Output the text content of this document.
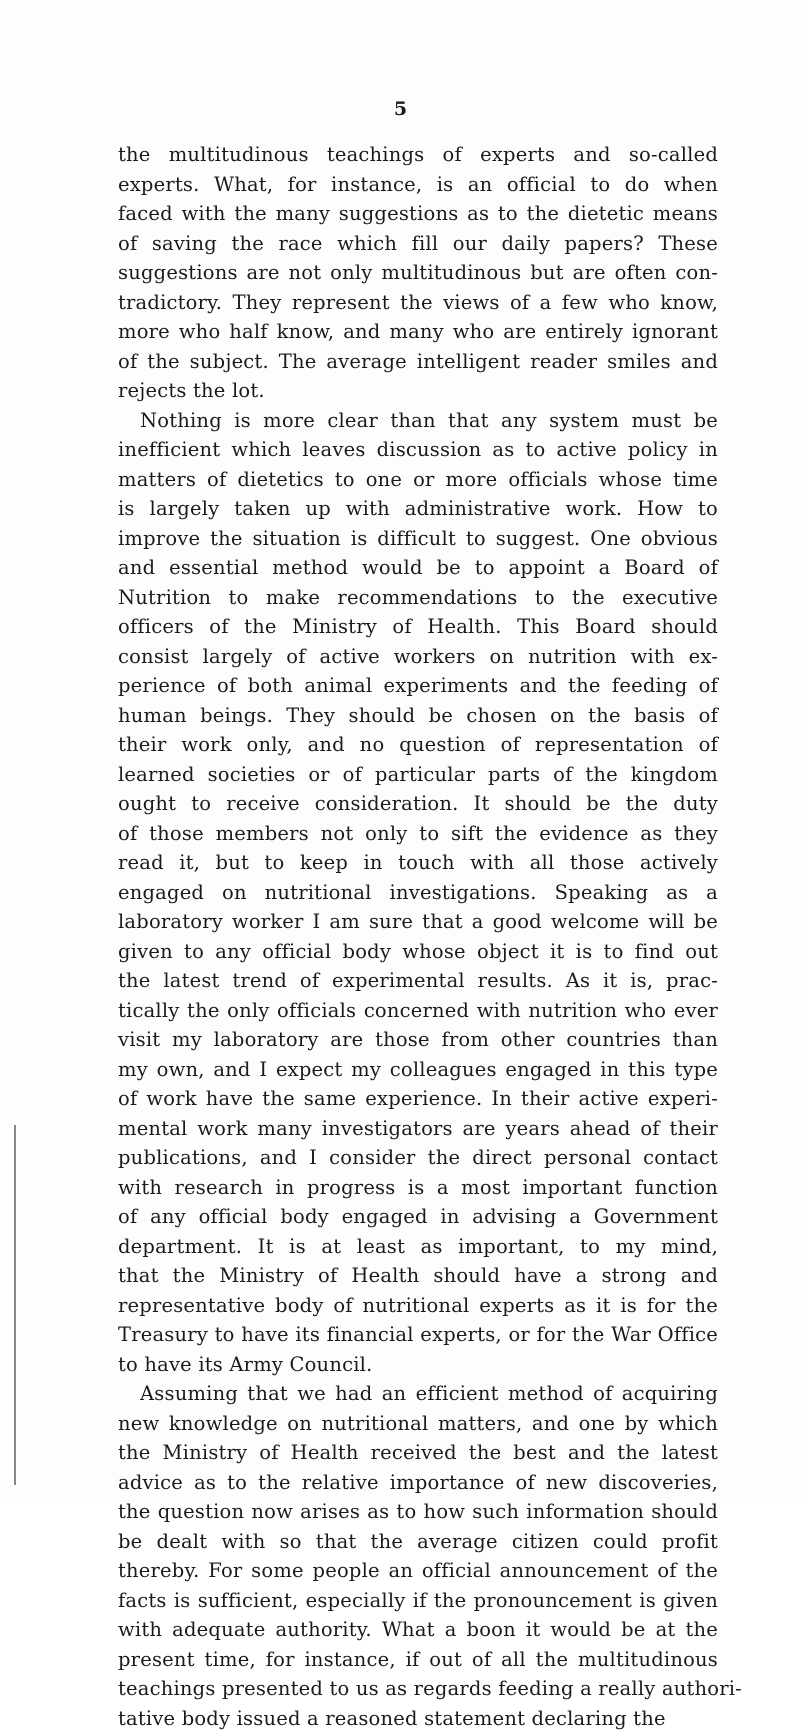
5
the multitudinous teachings of experts and so-called
experts. What, for instance, is an official to do when
faced with the many suggestions as to the dietetic means
of saving the race which fill our daily papers? These
suggestions are not only multitudinous but are often con-
tradictory. They represent the views of a few who know,
more who half know, and many who are entirely ignorant
of the subject. The average intelligent reader smiles and
rejects the lot.
Nothing is more clear than that any system must be
inefficient which leaves discussion as to active policy in
matters of dietetics to one or more officials whose time
is largely taken up with administrative work. How to
improve the situation is difficult to suggest. One obvious
and essential method would be to appoint a Board of
Nutrition to make recommendations to the executive
officers of the Ministry of Health. This Board should
consist largely of active workers on nutrition with ex-
perience of both animal experiments and the feeding of
human beings. They should be chosen on the basis of
their work only, and no question of representation of
learned societies or of particular parts of the kingdom
ought to receive consideration. It should be the duty
of those members not only to sift the evidence as they
read it, but to keep in touch with all those actively
engaged on nutritional investigations. Speaking as a
laboratory worker I am sure that a good welcome will be
given to any official body whose object it is to find out
the latest trend of experimental results. As it is, prac-
tically the only officials concerned with nutrition who ever
visit my laboratory are those from other countries than
my own, and I expect my colleagues engaged in this type
of work have the same experience. In their active experi-
mental work many investigators are years ahead of their
publications, and I consider the direct personal contact
with research in progress is a most important function
of any official body engaged in advising a Government
department. It is at least as important, to my mind,
that the Ministry of Health should have a strong and
representative body of nutritional experts as it is for the
Treasury to have its financial experts, or for the War Office
to have its Army Council.
Assuming that we had an efficient method of acquiring
new knowledge on nutritional matters, and one by which
the Ministry of Health received the best and the latest
advice as to the relative importance of new discoveries,
the question now arises as to how such information should
be dealt with so that the average citizen could profit
thereby. For some people an official announcement of the
facts is sufficient, especially if the pronouncement is given
with adequate authority. What a boon it would be at the
present time, for instance, if out of all the multitudinous
teachings presented to us as regards feeding a really authori-
tative body issued a reasoned statement declaring the
